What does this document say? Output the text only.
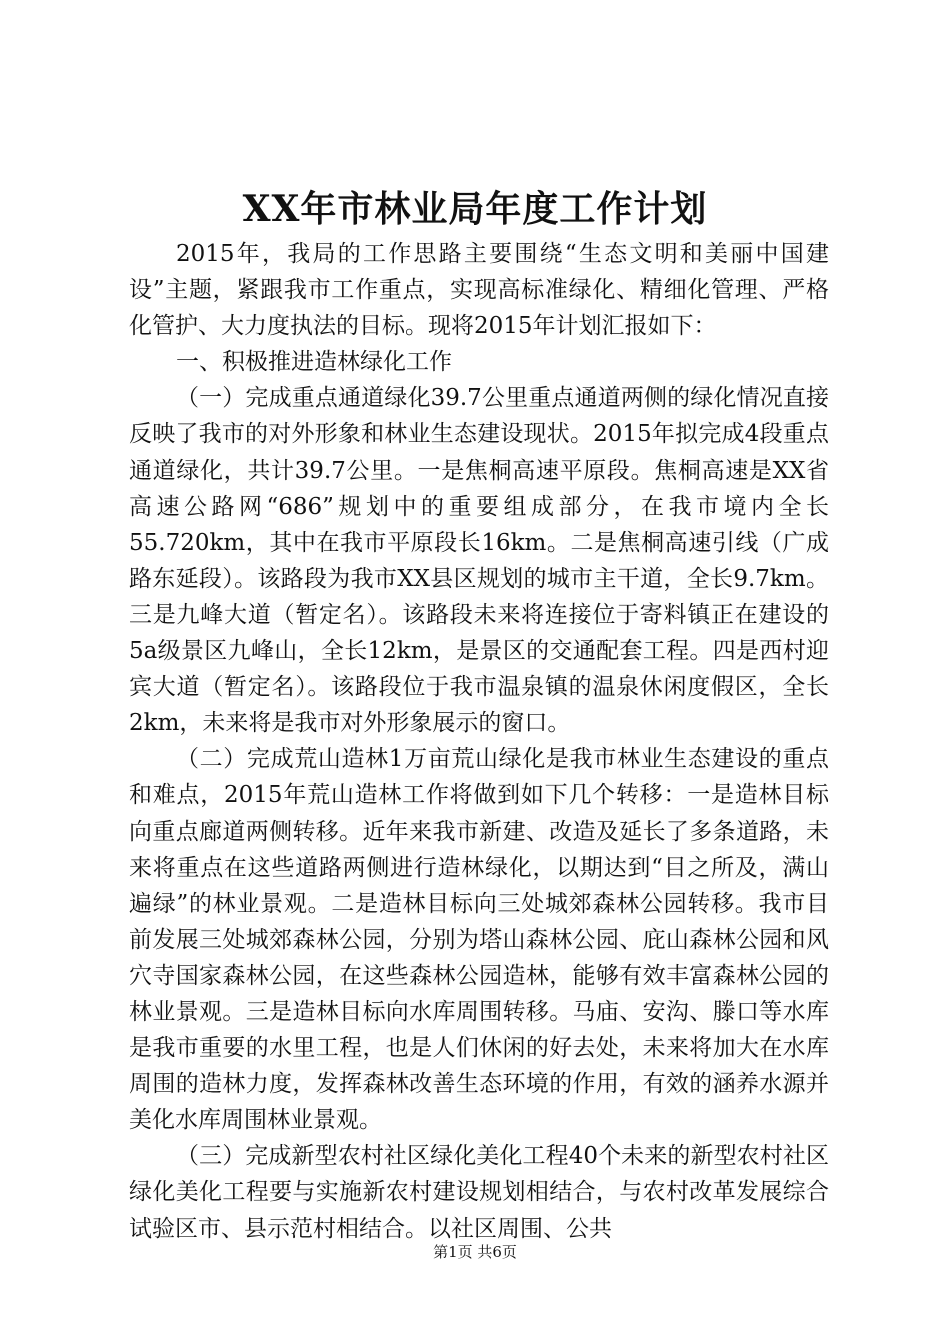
XX年市林业局年度工作计划

2015年，我局的工作思路主要围绕“生态文明和美丽中国建设”主题，紧跟我市工作重点，实现高标准绿化、精细化管理、严格化管护、大力度执法的目标。现将2015年计划汇报如下：

一、积极推进造林绿化工作

（一）完成重点通道绿化39.7公里重点通道两侧的绿化情况直接反映了我市的对外形象和林业生态建设现状。2015年拟完成4段重点通道绿化，共计39.7公里。一是焦桐高速平原段。焦桐高速是XX省高速公路网“686”规划中的重要组成部分，在我市境内全长55.720km，其中在我市平原段长16km。二是焦桐高速引线（广成路东延段）。该路段为我市XX县区规划的城市主干道，全长9.7km。三是九峰大道（暂定名）。该路段未来将连接位于寄料镇正在建设的5a级景区九峰山，全长12km，是景区的交通配套工程。四是西村迎宾大道（暂定名）。该路段位于我市温泉镇的温泉休闲度假区，全长2km，未来将是我市对外形象展示的窗口。

（二）完成荒山造林1万亩荒山绿化是我市林业生态建设的重点和难点，2015年荒山造林工作将做到如下几个转移：一是造林目标向重点廊道两侧转移。近年来我市新建、改造及延长了多条道路，未来将重点在这些道路两侧进行造林绿化，以期达到“目之所及，满山遍绿”的林业景观。二是造林目标向三处城郊森林公园转移。我市目前发展三处城郊森林公园，分别为塔山森林公园、庇山森林公园和风穴寺国家森林公园，在这些森林公园造林，能够有效丰富森林公园的林业景观。三是造林目标向水库周围转移。马庙、安沟、滕口等水库是我市重要的水里工程，也是人们休闲的好去处，未来将加大在水库周围的造林力度，发挥森林改善生态环境的作用，有效的涵养水源并美化水库周围林业景观。

（三）完成新型农村社区绿化美化工程40个未来的新型农村社区绿化美化工程要与实施新农村建设规划相结合，与农村改革发展综合试验区市、县示范村相结合。以社区周围、公共

第1页 共6页
